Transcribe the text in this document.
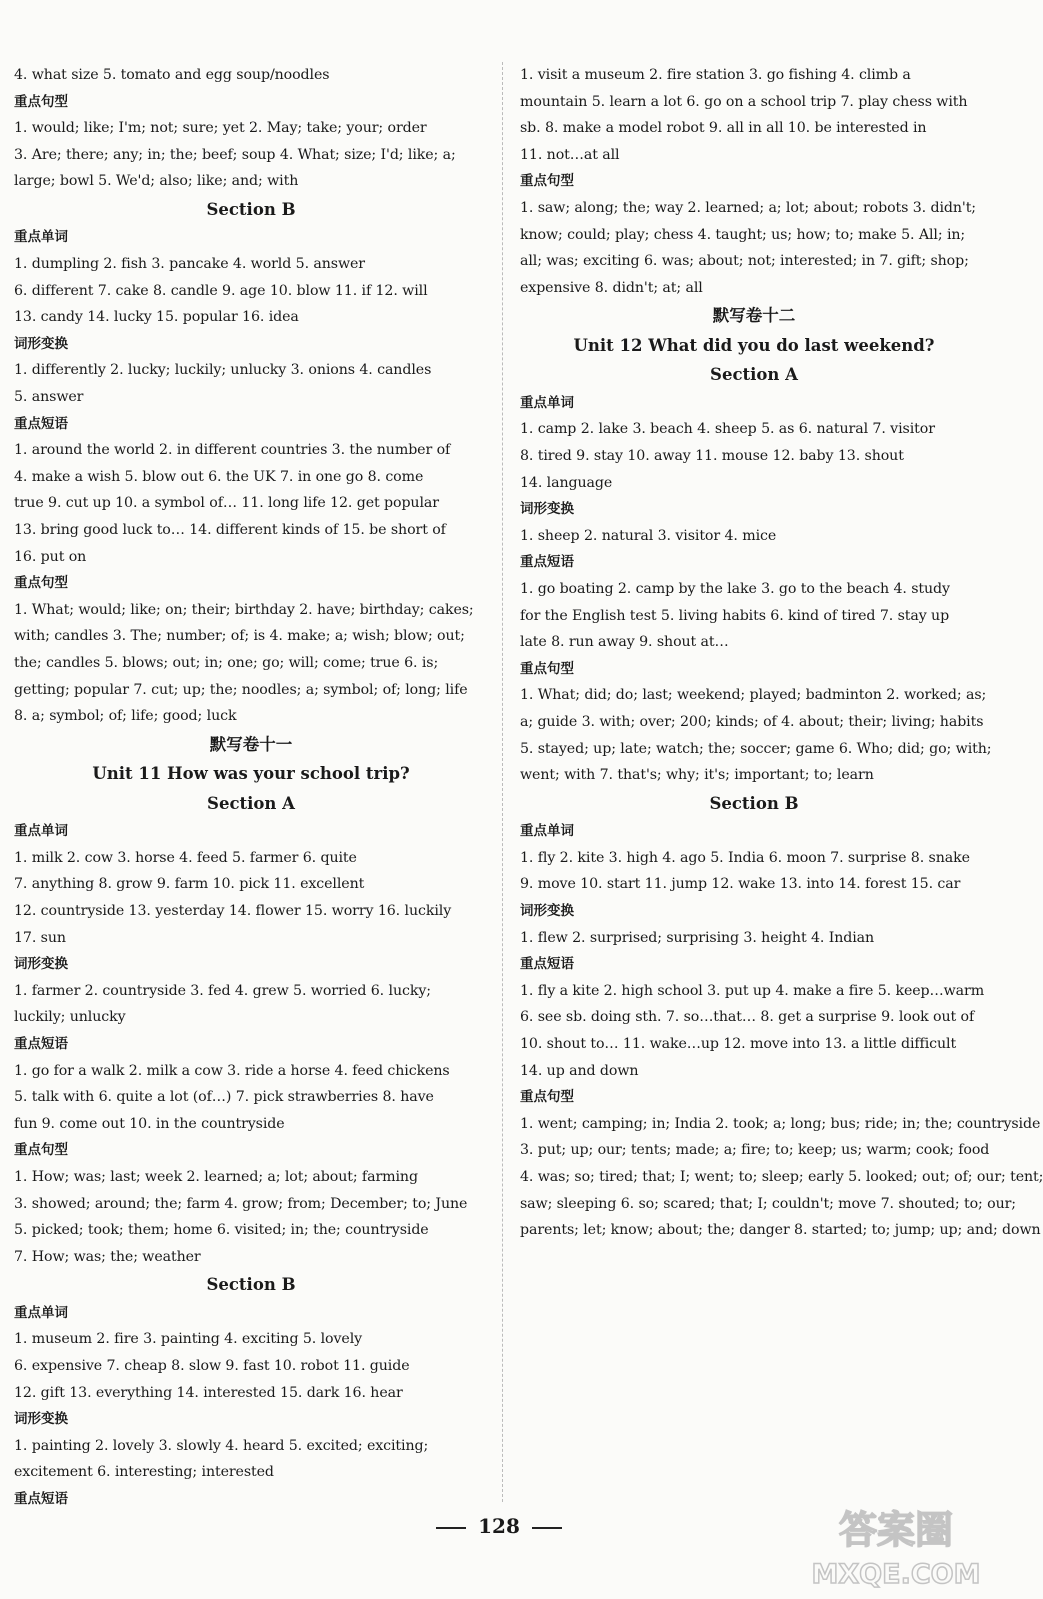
4. what size 5. tomato and egg soup/noodles
重点句型
1. would; like; I'm; not; sure; yet 2. May; take; your; order
3. Are; there; any; in; the; beef; soup 4. What; size; I'd; like; a;
large; bowl 5. We'd; also; like; and; with
Section B
重点单词
1. dumpling 2. fish 3. pancake 4. world 5. answer
6. different 7. cake 8. candle 9. age 10. blow 11. if 12. will
13. candy 14. lucky 15. popular 16. idea
词形变换
1. differently 2. lucky; luckily; unlucky 3. onions 4. candles
5. answer
重点短语
1. around the world 2. in different countries 3. the number of
4. make a wish 5. blow out 6. the UK 7. in one go 8. come
true 9. cut up 10. a symbol of… 11. long life 12. get popular
13. bring good luck to… 14. different kinds of 15. be short of
16. put on
重点句型
1. What; would; like; on; their; birthday 2. have; birthday; cakes;
with; candles 3. The; number; of; is 4. make; a; wish; blow; out;
the; candles 5. blows; out; in; one; go; will; come; true 6. is;
getting; popular 7. cut; up; the; noodles; a; symbol; of; long; life
8. a; symbol; of; life; good; luck
默写卷十一
Unit 11 How was your school trip?
Section A
重点单词
1. milk 2. cow 3. horse 4. feed 5. farmer 6. quite
7. anything 8. grow 9. farm 10. pick 11. excellent
12. countryside 13. yesterday 14. flower 15. worry 16. luckily
17. sun
词形变换
1. farmer 2. countryside 3. fed 4. grew 5. worried 6. lucky;
luckily; unlucky
重点短语
1. go for a walk 2. milk a cow 3. ride a horse 4. feed chickens
5. talk with 6. quite a lot (of…) 7. pick strawberries 8. have
fun 9. come out 10. in the countryside
重点句型
1. How; was; last; week 2. learned; a; lot; about; farming
3. showed; around; the; farm 4. grow; from; December; to; June
5. picked; took; them; home 6. visited; in; the; countryside
7. How; was; the; weather
Section B
重点单词
1. museum 2. fire 3. painting 4. exciting 5. lovely
6. expensive 7. cheap 8. slow 9. fast 10. robot 11. guide
12. gift 13. everything 14. interested 15. dark 16. hear
词形变换
1. painting 2. lovely 3. slowly 4. heard 5. excited; exciting;
excitement 6. interesting; interested
重点短语
1. visit a museum 2. fire station 3. go fishing 4. climb a
mountain 5. learn a lot 6. go on a school trip 7. play chess with
sb. 8. make a model robot 9. all in all 10. be interested in
11. not…at all
重点句型
1. saw; along; the; way 2. learned; a; lot; about; robots 3. didn't;
know; could; play; chess 4. taught; us; how; to; make 5. All; in;
all; was; exciting 6. was; about; not; interested; in 7. gift; shop;
expensive 8. didn't; at; all
默写卷十二
Unit 12 What did you do last weekend?
Section A
重点单词
1. camp 2. lake 3. beach 4. sheep 5. as 6. natural 7. visitor
8. tired 9. stay 10. away 11. mouse 12. baby 13. shout
14. language
词形变换
1. sheep 2. natural 3. visitor 4. mice
重点短语
1. go boating 2. camp by the lake 3. go to the beach 4. study
for the English test 5. living habits 6. kind of tired 7. stay up
late 8. run away 9. shout at…
重点句型
1. What; did; do; last; weekend; played; badminton 2. worked; as;
a; guide 3. with; over; 200; kinds; of 4. about; their; living; habits
5. stayed; up; late; watch; the; soccer; game 6. Who; did; go; with;
went; with 7. that's; why; it's; important; to; learn
Section B
重点单词
1. fly 2. kite 3. high 4. ago 5. India 6. moon 7. surprise 8. snake
9. move 10. start 11. jump 12. wake 13. into 14. forest 15. car
词形变换
1. flew 2. surprised; surprising 3. height 4. Indian
重点短语
1. fly a kite 2. high school 3. put up 4. make a fire 5. keep…warm
6. see sb. doing sth. 7. so…that… 8. get a surprise 9. look out of
10. shout to… 11. wake…up 12. move into 13. a little difficult
14. up and down
重点句型
1. went; camping; in; India 2. took; a; long; bus; ride; in; the; countryside
3. put; up; our; tents; made; a; fire; to; keep; us; warm; cook; food
4. was; so; tired; that; I; went; to; sleep; early 5. looked; out; of; our; tent;
saw; sleeping 6. so; scared; that; I; couldn't; move 7. shouted; to; our;
parents; let; know; about; the; danger 8. started; to; jump; up; and; down
128	答案圈
MXQE.COM
